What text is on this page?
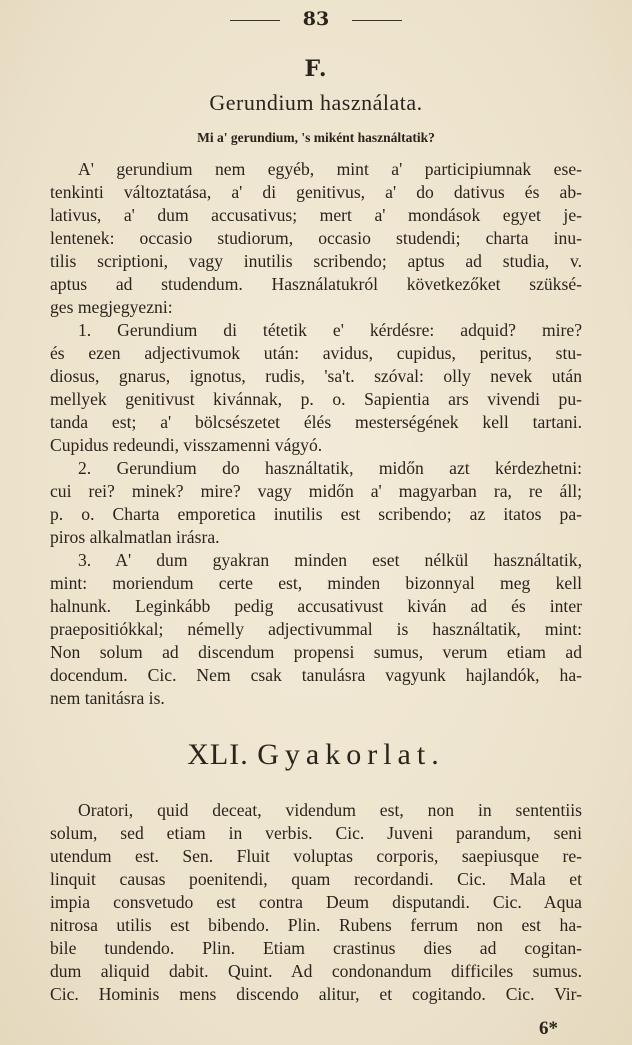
83
F.
Gerundium használata.
Mi a' gerundium, 's miként használtatik?

A' gerundium nem egyéb, mint a' participiumnak ese-
tenkinti változtatása, a' di genitivus, a' do dativus és ab-
lativus, a' dum accusativus; mert a' mondások egyet je-
lentenek: occasio studiorum, occasio studendi; charta inu-
tilis scriptioni, vagy inutilis scribendo; aptus ad studia, v.
aptus ad studendum. Használatukról következőket szüksé-
ges megjegyezni:

1. Gerundium di tétetik e' kérdésre: adquid? mire?
és ezen adjectivumok után: avidus, cupidus, peritus, stu-
diosus, gnarus, ignotus, rudis, 'sa't. szóval: olly nevek után
mellyek genitivust kivánnak, p. o. Sapientia ars vivendi pu-
tanda est; a' bölcsészetet élés mesterségének kell tartani.
Cupidus redeundi, visszamenni vágyó.

2. Gerundium do használtatik, midőn azt kérdezhetni:
cui rei? minek? mire? vagy midőn a' magyarban ra, re áll;
p. o. Charta emporetica inutilis est scribendo; az itatos pa-
piros alkalmatlan irásra.

3. A' dum gyakran minden eset nélkül használtatik,
mint: moriendum certe est, minden bizonnyal meg kell
halnunk. Leginkább pedig accusativust kiván ad és inter
praepositiókkal; némelly adjectivummal is használtatik, mint:
Non solum ad discendum propensi sumus, verum etiam ad
docendum. Cic. Nem csak tanulásra vagyunk hajlandók, ha-
nem tanitásra is.

XLI. Gyakorlat.

Oratori, quid deceat, videndum est, non in sententiis
solum, sed etiam in verbis. Cic. Juveni parandum, seni
utendum est. Sen. Fluit voluptas corporis, saepiusque re-
linquit causas poenitendi, quam recordandi. Cic. Mala et
impia consvetudo est contra Deum disputandi. Cic. Aqua
nitrosa utilis est bibendo. Plin. Rubens ferrum non est ha-
bile tundendo. Plin. Etiam crastinus dies ad cogitan-
dum aliquid dabit. Quint. Ad condonandum difficiles sumus.
Cic. Hominis mens discendo alitur, et cogitando. Cic. Vir-

6*
